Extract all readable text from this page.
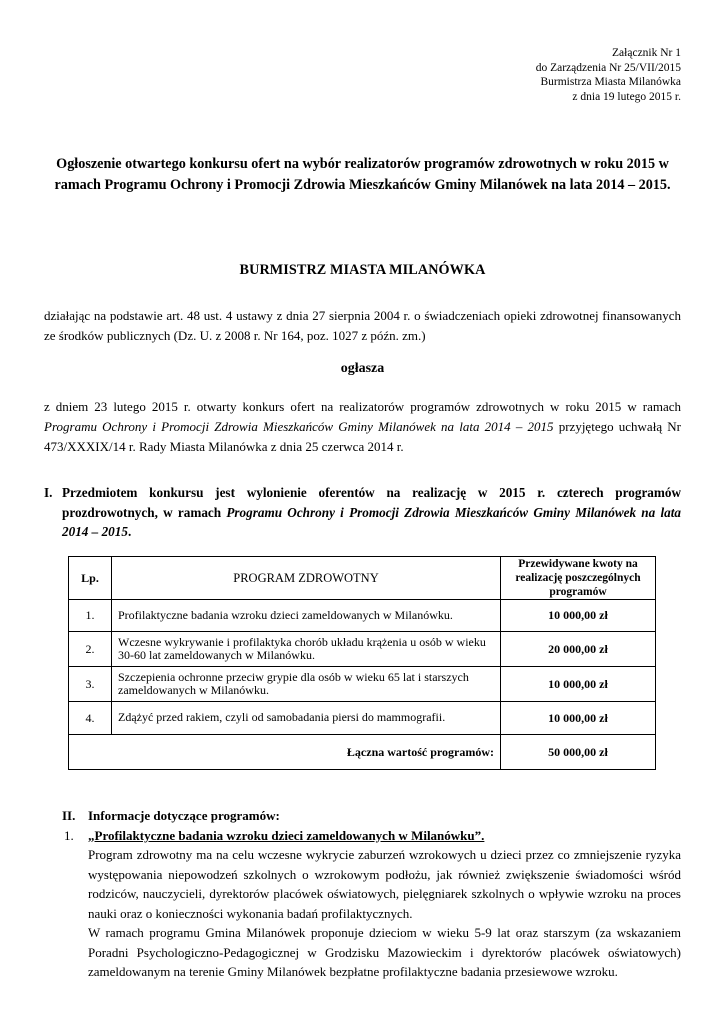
Załącznik Nr 1
do Zarządzenia Nr 25/VII/2015
Burmistrza Miasta Milanówka
z dnia 19 lutego 2015 r.
Ogłoszenie otwartego konkursu ofert na wybór realizatorów programów zdrowotnych w roku 2015 w ramach Programu Ochrony i Promocji Zdrowia Mieszkańców Gminy Milanówek na lata 2014 – 2015.
BURMISTRZ MIASTA MILANÓWKA
działając na podstawie art. 48 ust. 4 ustawy z dnia 27 sierpnia 2004 r. o świadczeniach opieki zdrowotnej finansowanych ze środków publicznych (Dz. U. z 2008 r. Nr 164, poz. 1027 z późn. zm.)
ogłasza
z dniem 23 lutego 2015 r. otwarty konkurs ofert na realizatorów programów zdrowotnych w roku 2015 w ramach Programu Ochrony i Promocji Zdrowia Mieszkańców Gminy Milanówek na lata 2014 – 2015 przyjętego uchwałą Nr 473/XXXIX/14 r. Rady Miasta Milanówka z dnia 25 czerwca 2014 r.
I. Przedmiotem konkursu jest wylonienie oferentów na realizację w 2015 r. czterech programów prozdrowotnych, w ramach Programu Ochrony i Promocji Zdrowia Mieszkańców Gminy Milanówek na lata 2014 – 2015.
Lp.	PROGRAM ZDROWOTNY	Przewidywane kwoty na realizację poszczególnych programów
1.	Profilaktyczne badania wzroku dzieci zameldowanych w Milanówku.	10 000,00 zł
2.	Wczesne wykrywanie i profilaktyka chorób układu krążenia u osób w wieku 30-60 lat zameldowanych w Milanówku.	20 000,00 zł
3.	Szczepienia ochronne przeciw grypie dla osób w wieku 65 lat i starszych zameldowanych w Milanówku.	10 000,00 zł
4.	Zdążyć przed rakiem, czyli od samobadania piersi do mammografii.	10 000,00 zł
Łączna wartość programów:		50 000,00 zł
II. Informacje dotyczące programów:
1. „Profilaktyczne badania wzroku dzieci zameldowanych w Milanówku”.
Program zdrowotny ma na celu wczesne wykrycie zaburzeń wzrokowych u dzieci przez co zmniejszenie ryzyka występowania niepowodzeń szkolnych o wzrokowym podłożu, jak również zwiększenie świadomości wśród rodziców, nauczycieli, dyrektorów placówek oświatowych, pielęgniarek szkolnych o wpływie wzroku na proces nauki oraz o konieczności wykonania badań profilaktycznych.
W ramach programu Gmina Milanówek proponuje dzieciom w wieku 5-9 lat oraz starszym (za wskazaniem Poradni Psychologiczno-Pedagogicznej w Grodzisku Mazowieckim i dyrektorów placówek oświatowych) zameldowanym na terenie Gminy Milanówek bezpłatne profilaktyczne badania przesiewowe wzroku.
